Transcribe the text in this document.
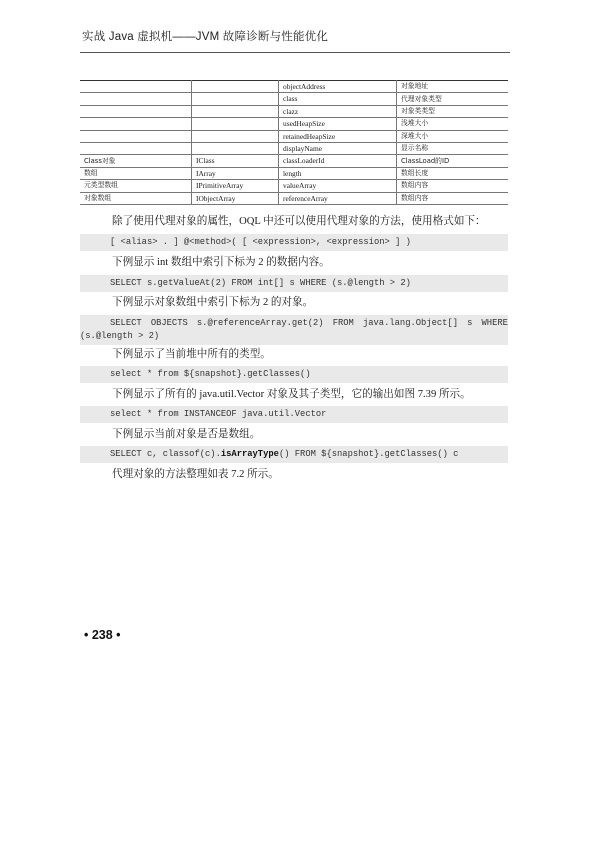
实战 Java 虚拟机——JVM 故障诊断与性能优化
		objectAddress	对象地址
		class	代理对象类型
		clazz	对象类类型
		usedHeapSize	浅堆大小
		retainedHeapSize	深堆大小
		displayName	显示名称
Class对象	IClass	classLoaderId	ClassLoad的ID
数组	IArray	length	数组长度
元类型数组	IPrimitiveArray	valueArray	数组内容
对象数组	IObjectArray	referenceArray	数组内容
除了使用代理对象的属性，OQL 中还可以使用代理对象的方法，使用格式如下：
[ <alias> . ] @<method>( [ <expression>, <expression> ] )
下例显示 int 数组中索引下标为 2 的数据内容。
SELECT s.getValueAt(2) FROM int[] s WHERE (s.@length > 2)
下例显示对象数组中索引下标为 2 的对象。
SELECT OBJECTS s.@referenceArray.get(2) FROM java.lang.Object[] s WHERE
(s.@length > 2)
下例显示了当前堆中所有的类型。
select * from ${snapshot}.getClasses()
下例显示了所有的 java.util.Vector 对象及其子类型，它的输出如图 7.39 所示。
select * from INSTANCEOF java.util.Vector
下例显示当前对象是否是数组。
SELECT c, classof(c).isArrayType() FROM ${snapshot}.getClasses() c
代理对象的方法整理如表 7.2 所示。
• 238 •
